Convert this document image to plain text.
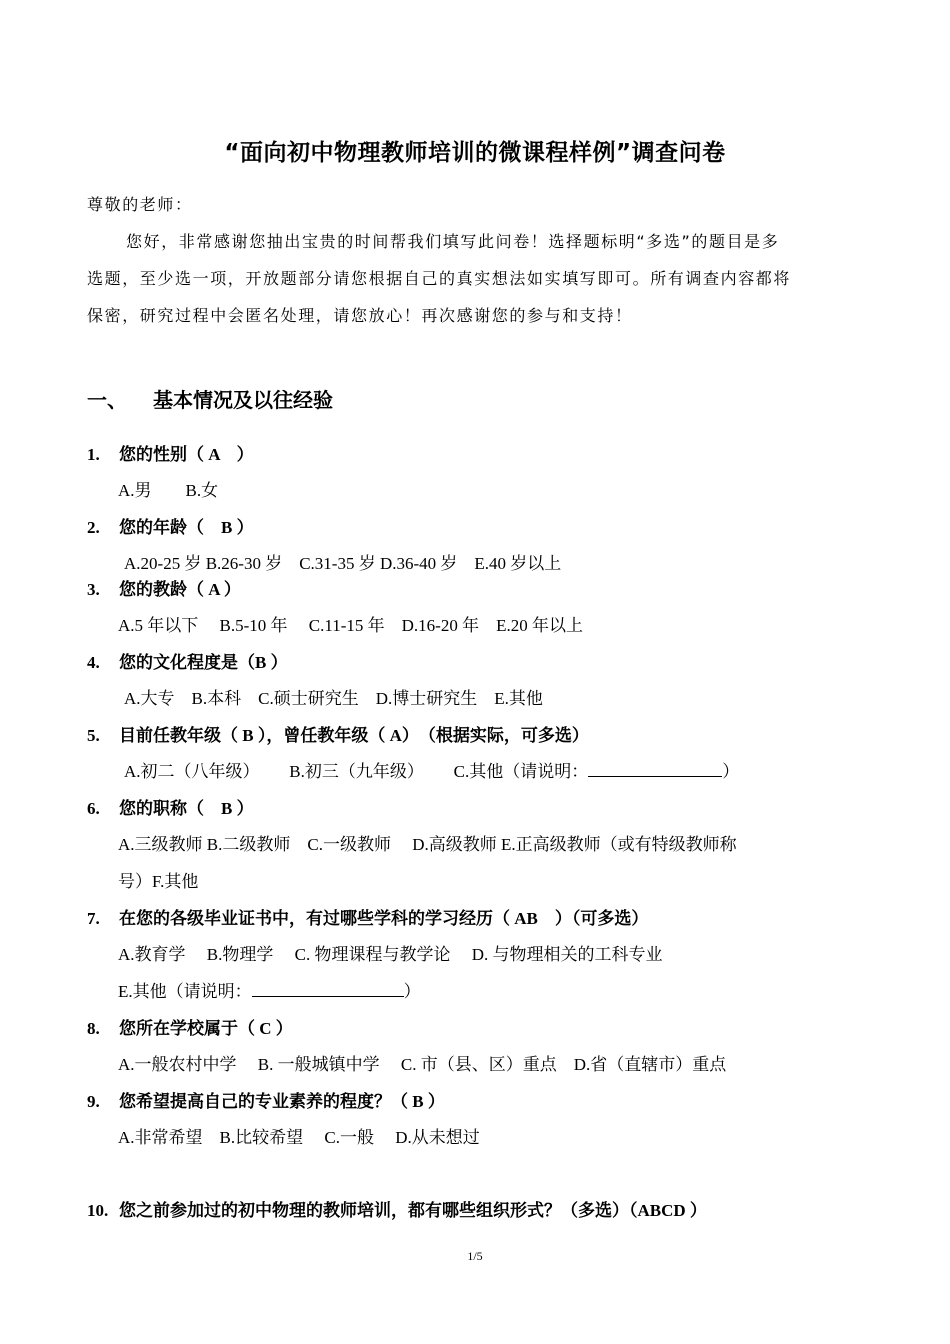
“面向初中物理教师培训的微课程样例”调查问卷
尊敬的老师：
您好，非常感谢您抽出宝贵的时间帮我们填写此问卷！选择题标明“多选”的题目是多
选题，至少选一项，开放题部分请您根据自己的真实想法如实填写即可。所有调查内容都将
保密，研究过程中会匿名处理，请您放心！再次感谢您的参与和支持！
一、 基本情况及以往经验
1. 您的性别（ A　）
A.男　　B.女
2. 您的年龄（　B ）
A.20-25 岁 B.26-30 岁　C.31-35 岁 D.36-40 岁　E.40 岁以上
3. 您的教龄（ A ）
A.5 年以下　 B.5-10 年　 C.11-15 年　D.16-20 年　E.20 年以上
4. 您的文化程度是（B ）
A.大专　B.本科　C.硕士研究生　D.博士研究生　E.其他
5. 目前任教年级（ B ），曾任教年级（ A）　（根据实际，可多选）
A.初二（八年级）　　 B.初三（九年级）　　 C.其他（请说明：	）
6. 您的职称（　B ）
A.三级教师 B.二级教师　C.一级教师　 D.高级教师 E.正高级教师（或有特级教师称
号）F.其他
7. 在您的各级毕业证书中，有过哪些学科的学习经历（ AB　）（可多选）
A.教育学　 B.物理学　 C. 物理课程与教学论　 D. 与物理相关的工科专业
E.其他（请说明：	）
8. 您所在学校属于（ C ）
A.一般农村中学　 B. 一般城镇中学　 C. 市（县、区）重点　D.省（直辖市）重点
9. 您希望提高自己的专业素养的程度？（ B ）
A.非常希望　B.比较希望　 C.一般　 D.从未想过
10. 您之前参加过的初中物理的教师培训，都有哪些组织形式？（多选）（ABCD ）
1/5
